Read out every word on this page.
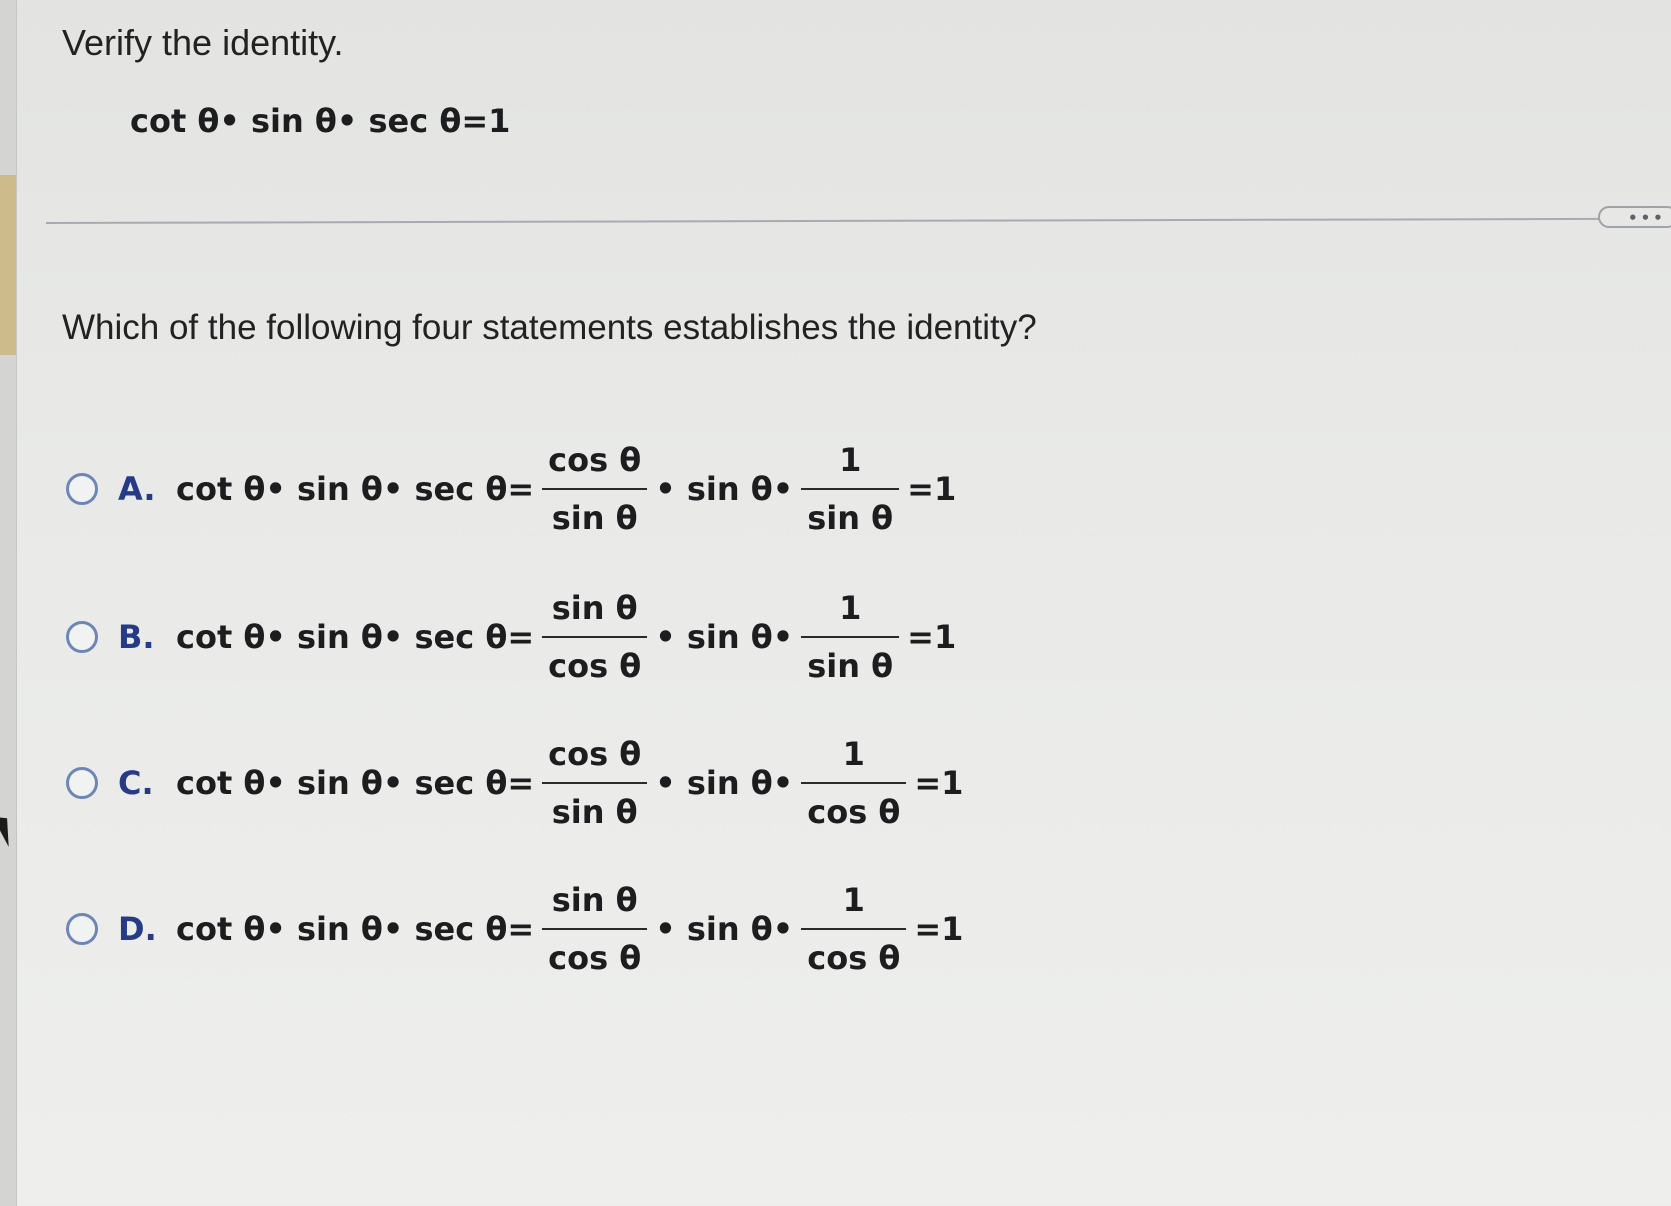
Verify the identity.
cot θ• sin θ• sec θ=1
•••
Which of the following four statements establishes the identity?
A. cot θ• sin θ• $\sec \theta= \frac{\text{cos θ}}{\text{sin θ}}$ • sin θ• $\frac{1}{\text{sin θ}} =1$
B. cot θ• sin θ• $\sec \theta= \frac{\text{sin θ}}{\text{cos θ}}$ • sin θ• $\frac{1}{\text{sin θ}} =1$
C. cot θ• sin θ• $\sec \theta= \frac{\text{cos θ}}{\text{sin θ}}$ • sin θ• $\frac{1}{\text{cos θ}} =1$
D. cot θ• sin θ• $\sec \theta= \frac{\text{sin θ}}{\text{cos θ}}$ • sin θ• $\frac{1}{\text{cos θ}} =1$
